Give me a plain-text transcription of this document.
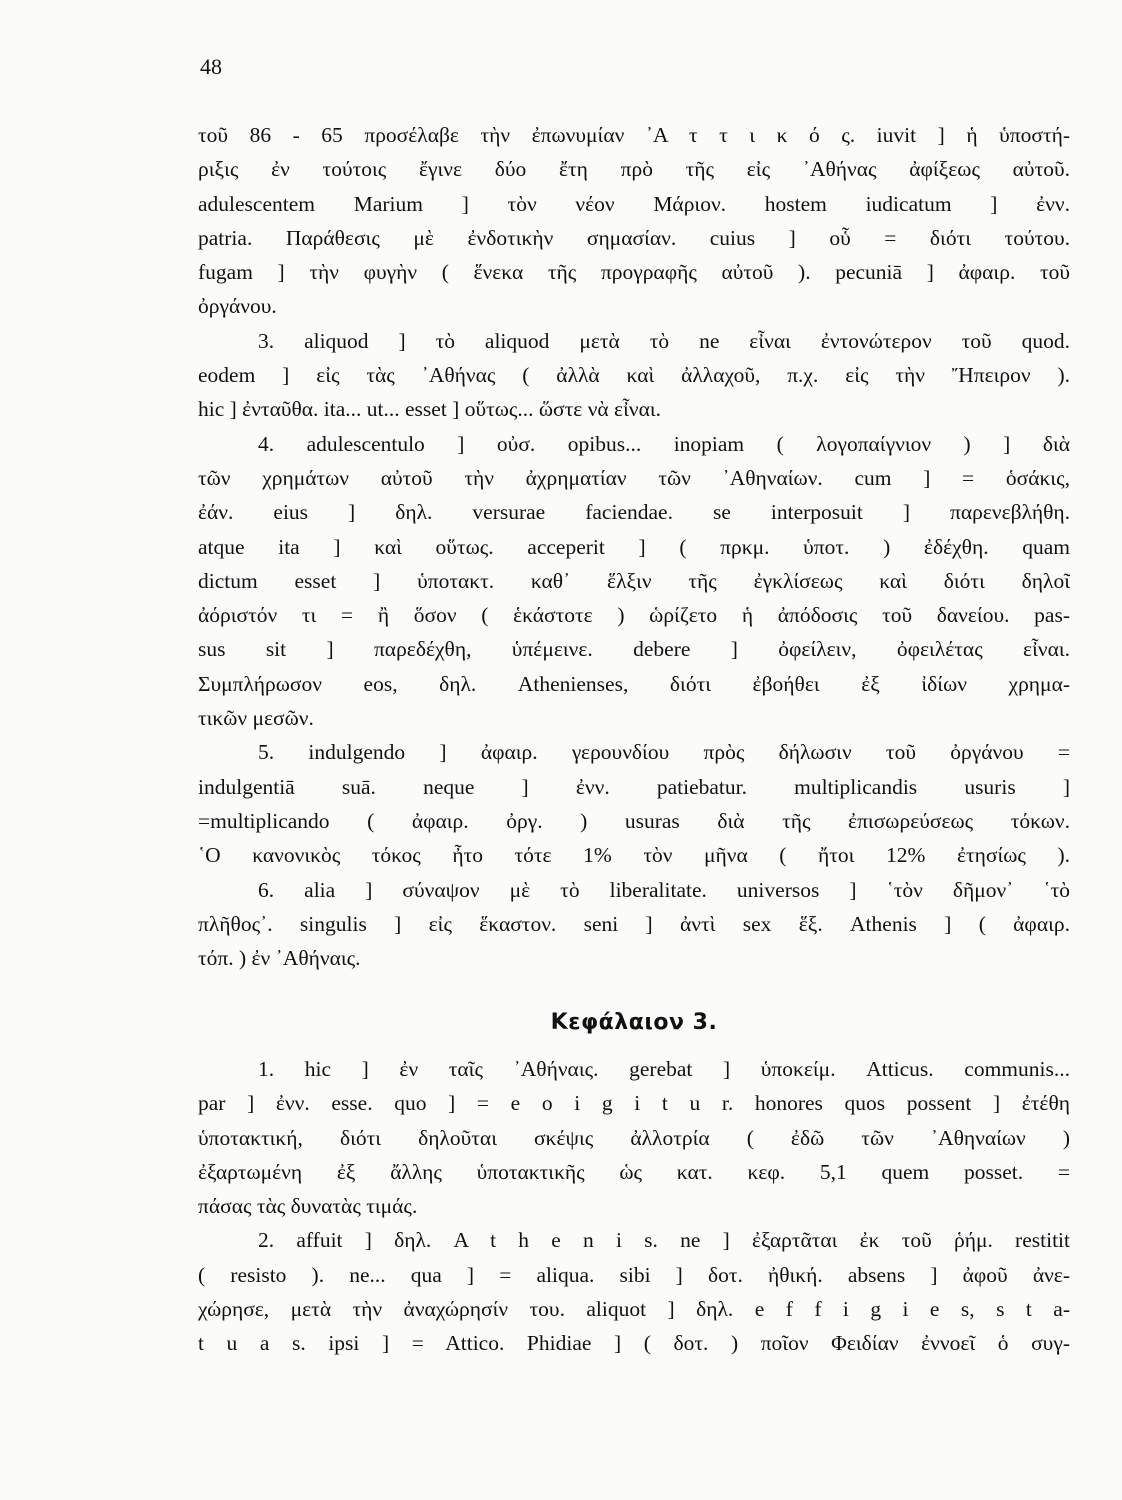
48
τοῦ 86 - 65 προσέλαβε τὴν ἐπωνυμίαν ᾿Α τ τ ι κ ό ς. iuvit ] ἡ ὑποστή-
ριξις ἐν τούτοις ἔγινε δύο ἔτη πρὸ τῆς εἰς ᾿Αθήνας ἀφίξεως αὐτοῦ.
adulescentem Marium ] τὸν νέον Μάριον. hostem iudicatum ] ἐνν.
patria. Παράθεσις μὲ ἐνδοτικὴν σημασίαν. cuius ] οὗ = διότι τούτου.
fugam ] τὴν φυγὴν ( ἕνεκα τῆς προγραφῆς αὐτοῦ ). pecuniā ] ἀφαιρ. τοῦ
ὀργάνου.
3. aliquod ] τὸ aliquod μετὰ τὸ ne εἶναι ἐντονώτερον τοῦ quod.
eodem ] εἰς τὰς ᾿Αθήνας ( ἀλλὰ καὶ ἀλλαχοῦ, π.χ. εἰς τὴν Ἤπειρον ).
hic ] ἐνταῦθα. ita... ut... esset ] οὕτως... ὥστε νὰ εἶναι.
4. adulescentulo ] οὐσ. opibus... inopiam ( λογοπαίγνιον ) ] διὰ
τῶν χρημάτων αὐτοῦ τὴν ἀχρηματίαν τῶν ᾿Αθηναίων. cum ] = ὁσάκις,
ἐάν. eius ] δηλ. versurae faciendae. se interposuit ] παρενεβλήθη.
atque ita ] καὶ οὕτως. acceperit ] ( πρκμ. ὑποτ. ) ἐδέχθη. quam
dictum esset ] ὑποτακτ. καθ᾿ ἕλξιν τῆς ἐγκλίσεως καὶ διότι δηλοῖ
ἀόριστόν τι = ἢ ὅσον ( ἑκάστοτε ) ὡρίζετο ἡ ἀπόδοσις τοῦ δανείου. pas-
sus sit ] παρεδέχθη, ὑπέμεινε. debere ] ὀφείλειν, ὀφειλέτας εἶναι.
Συμπλήρωσον eos, δηλ. Athenienses, διότι ἐβοήθει ἐξ ἰδίων χρημα-
τικῶν μεσῶν.
5. indulgendo ] ἀφαιρ. γερουνδίου πρὸς δήλωσιν τοῦ ὀργάνου =
indulgentiā suā. neque ] ἐνν. patiebatur. multiplicandis usuris ]
=multiplicando ( ἀφαιρ. ὀργ. ) usuras διὰ τῆς ἐπισωρεύσεως τόκων.
῾Ο κανονικὸς τόκος ἦτο τότε 1% τὸν μῆνα ( ἤτοι 12% ἐτησίως ).
6. alia ] σύναψον μὲ τὸ liberalitate. universos ] ῾τὸν δῆμον᾿ ῾τὸ
πλῆθος᾿. singulis ] εἰς ἕκαστον. seni ] ἀντὶ sex ἕξ. Athenis ] ( ἀφαιρ.
τόπ. ) ἐν ᾿Αθήναις.
Κεφάλαιον 3.
1. hic ] ἐν ταῖς ᾿Αθήναις. gerebat ] ὑποκείμ. Atticus. communis...
par ] ἐνν. esse. quo ] = e o i g i t u r. honores quos possent ] ἐτέθη
ὑποτακτική, διότι δηλοῦται σκέψις ἀλλοτρία ( ἐδῶ τῶν ᾿Αθηναίων )
ἐξαρτωμένη ἐξ ἄλλης ὑποτακτικῆς ὡς κατ. κεφ. 5,1 quem posset. =
πάσας τὰς δυνατὰς τιμάς.
2. affuit ] δηλ. A t h e n i s. ne ] ἐξαρτᾶται ἐκ τοῦ ῥήμ. restitit
( resisto ). ne... qua ] = aliqua. sibi ] δοτ. ἠθική. absens ] ἀφοῦ ἀνε-
χώρησε, μετὰ τὴν ἀναχώρησίν του. aliquot ] δηλ. e f f i g i e s, s t a-
t u a s. ipsi ] = Attico. Phidiae ] ( δοτ. ) ποῖον Φειδίαν ἐννοεῖ ὁ συγ-
